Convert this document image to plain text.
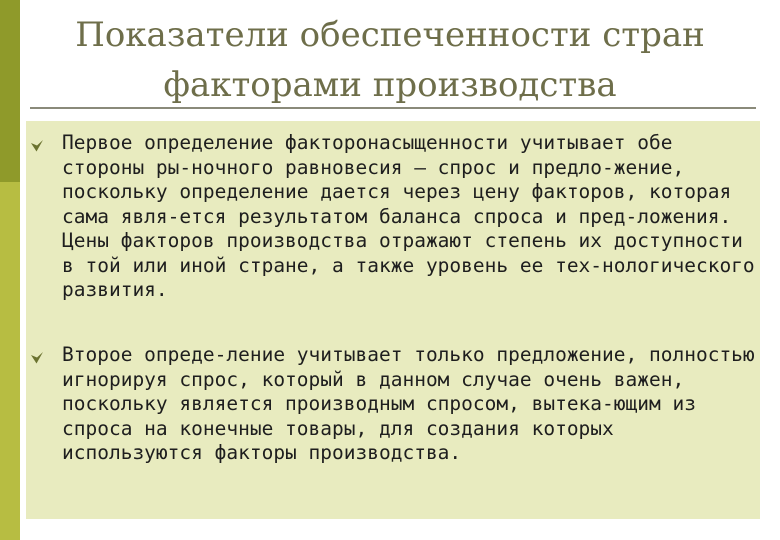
Показатели обеспеченности стран
факторами производства

Первое определение факторонасыщенности учитывает обе стороны ры-ночного равновесия — спрос и предло-жение, поскольку определение дается через цену факторов, которая сама явля-ется результатом баланса спроса и пред-ложения. Цены факторов производства отражают степень их доступности в той или иной стране, а также уровень ее тех-нологического развития.

Второе опреде-ление учитывает только предложение, полностью игнорируя спрос, который в данном случае очень важен, поскольку является производным спросом, вытека-ющим из спроса на конечные товары, для создания которых используются факторы производства.
